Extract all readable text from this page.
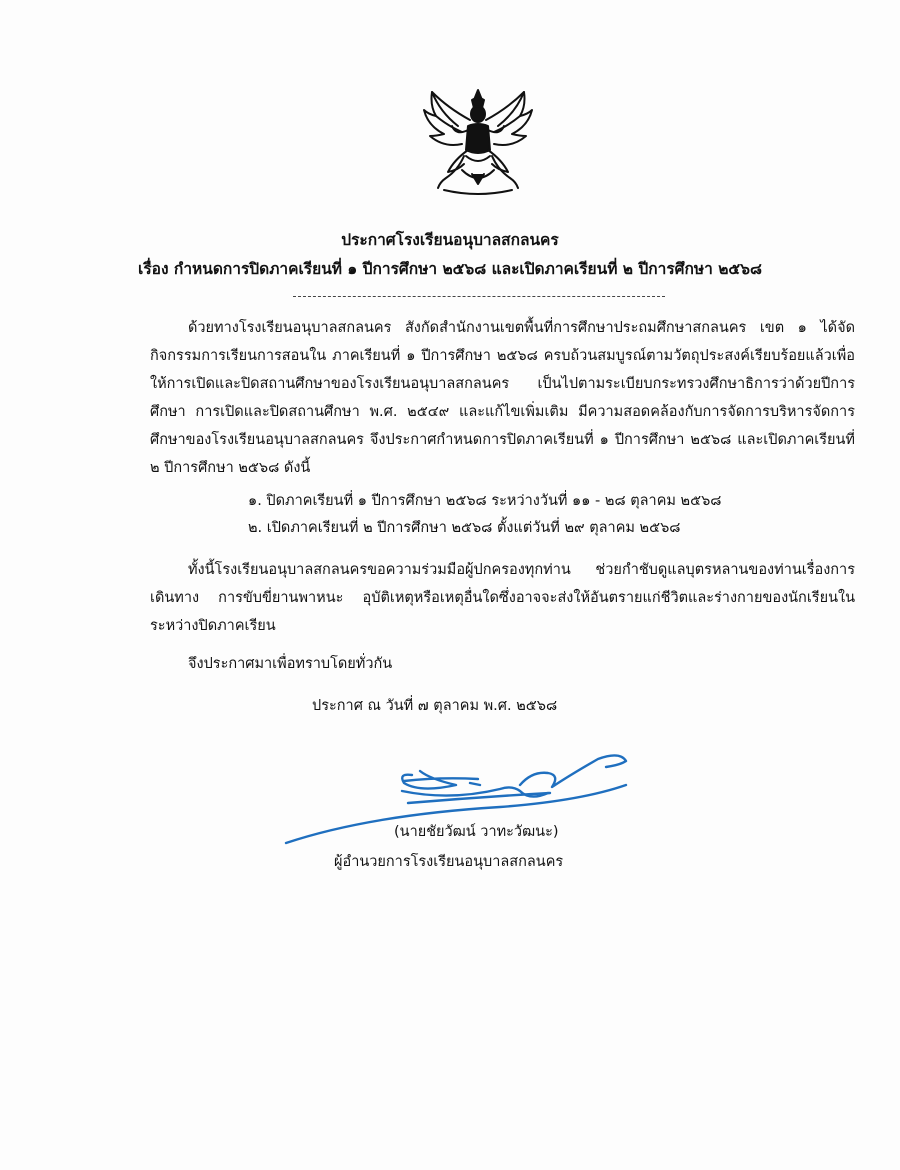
ประกาศโรงเรียนอนุบาลสกลนคร
เรื่อง กำหนดการปิดภาคเรียนที่ ๑ ปีการศึกษา ๒๕๖๘ และเปิดภาคเรียนที่ ๒ ปีการศึกษา ๒๕๖๘
ด้วยทางโรงเรียนอนุบาลสกลนคร สังกัดสำนักงานเขตพื้นที่การศึกษาประถมศึกษาสกลนคร เขต ๑ ได้จัดกิจกรรมการเรียนการสอนใน ภาคเรียนที่ ๑ ปีการศึกษา ๒๕๖๘ ครบถ้วนสมบูรณ์ตามวัตถุประสงค์เรียบร้อยแล้วเพื่อให้การเปิดและปิดสถานศึกษาของโรงเรียนอนุบาลสกลนคร เป็นไปตามระเบียบกระทรวงศึกษาธิการว่าด้วยปีการศึกษา การเปิดและปิดสถานศึกษา พ.ศ. ๒๕๔๙ และแก้ไขเพิ่มเติม มีความสอดคล้องกับการจัดการบริหารจัดการศึกษาของโรงเรียนอนุบาลสกลนคร จึงประกาศกำหนดการปิดภาคเรียนที่ ๑ ปีการศึกษา ๒๕๖๘ และเปิดภาคเรียนที่ ๒ ปีการศึกษา ๒๕๖๘ ดังนี้
๑. ปิดภาคเรียนที่ ๑ ปีการศึกษา ๒๕๖๘ ระหว่างวันที่ ๑๑ - ๒๘ ตุลาคม ๒๕๖๘
๒. เปิดภาคเรียนที่ ๒ ปีการศึกษา ๒๕๖๘ ตั้งแต่วันที่ ๒๙ ตุลาคม ๒๕๖๘
ทั้งนี้โรงเรียนอนุบาลสกลนครขอความร่วมมือผู้ปกครองทุกท่าน ช่วยกำชับดูแลบุตรหลานของท่านเรื่องการเดินทาง การขับขี่ยานพาหนะ อุบัติเหตุหรือเหตุอื่นใดซึ่งอาจจะส่งให้อันตรายแก่ชีวิตและร่างกายของนักเรียนในระหว่างปิดภาคเรียน
จึงประกาศมาเพื่อทราบโดยทั่วกัน
ประกาศ ณ วันที่ ๗ ตุลาคม พ.ศ. ๒๕๖๘
(นายชัยวัฒน์ วาทะวัฒนะ)
ผู้อำนวยการโรงเรียนอนุบาลสกลนคร
